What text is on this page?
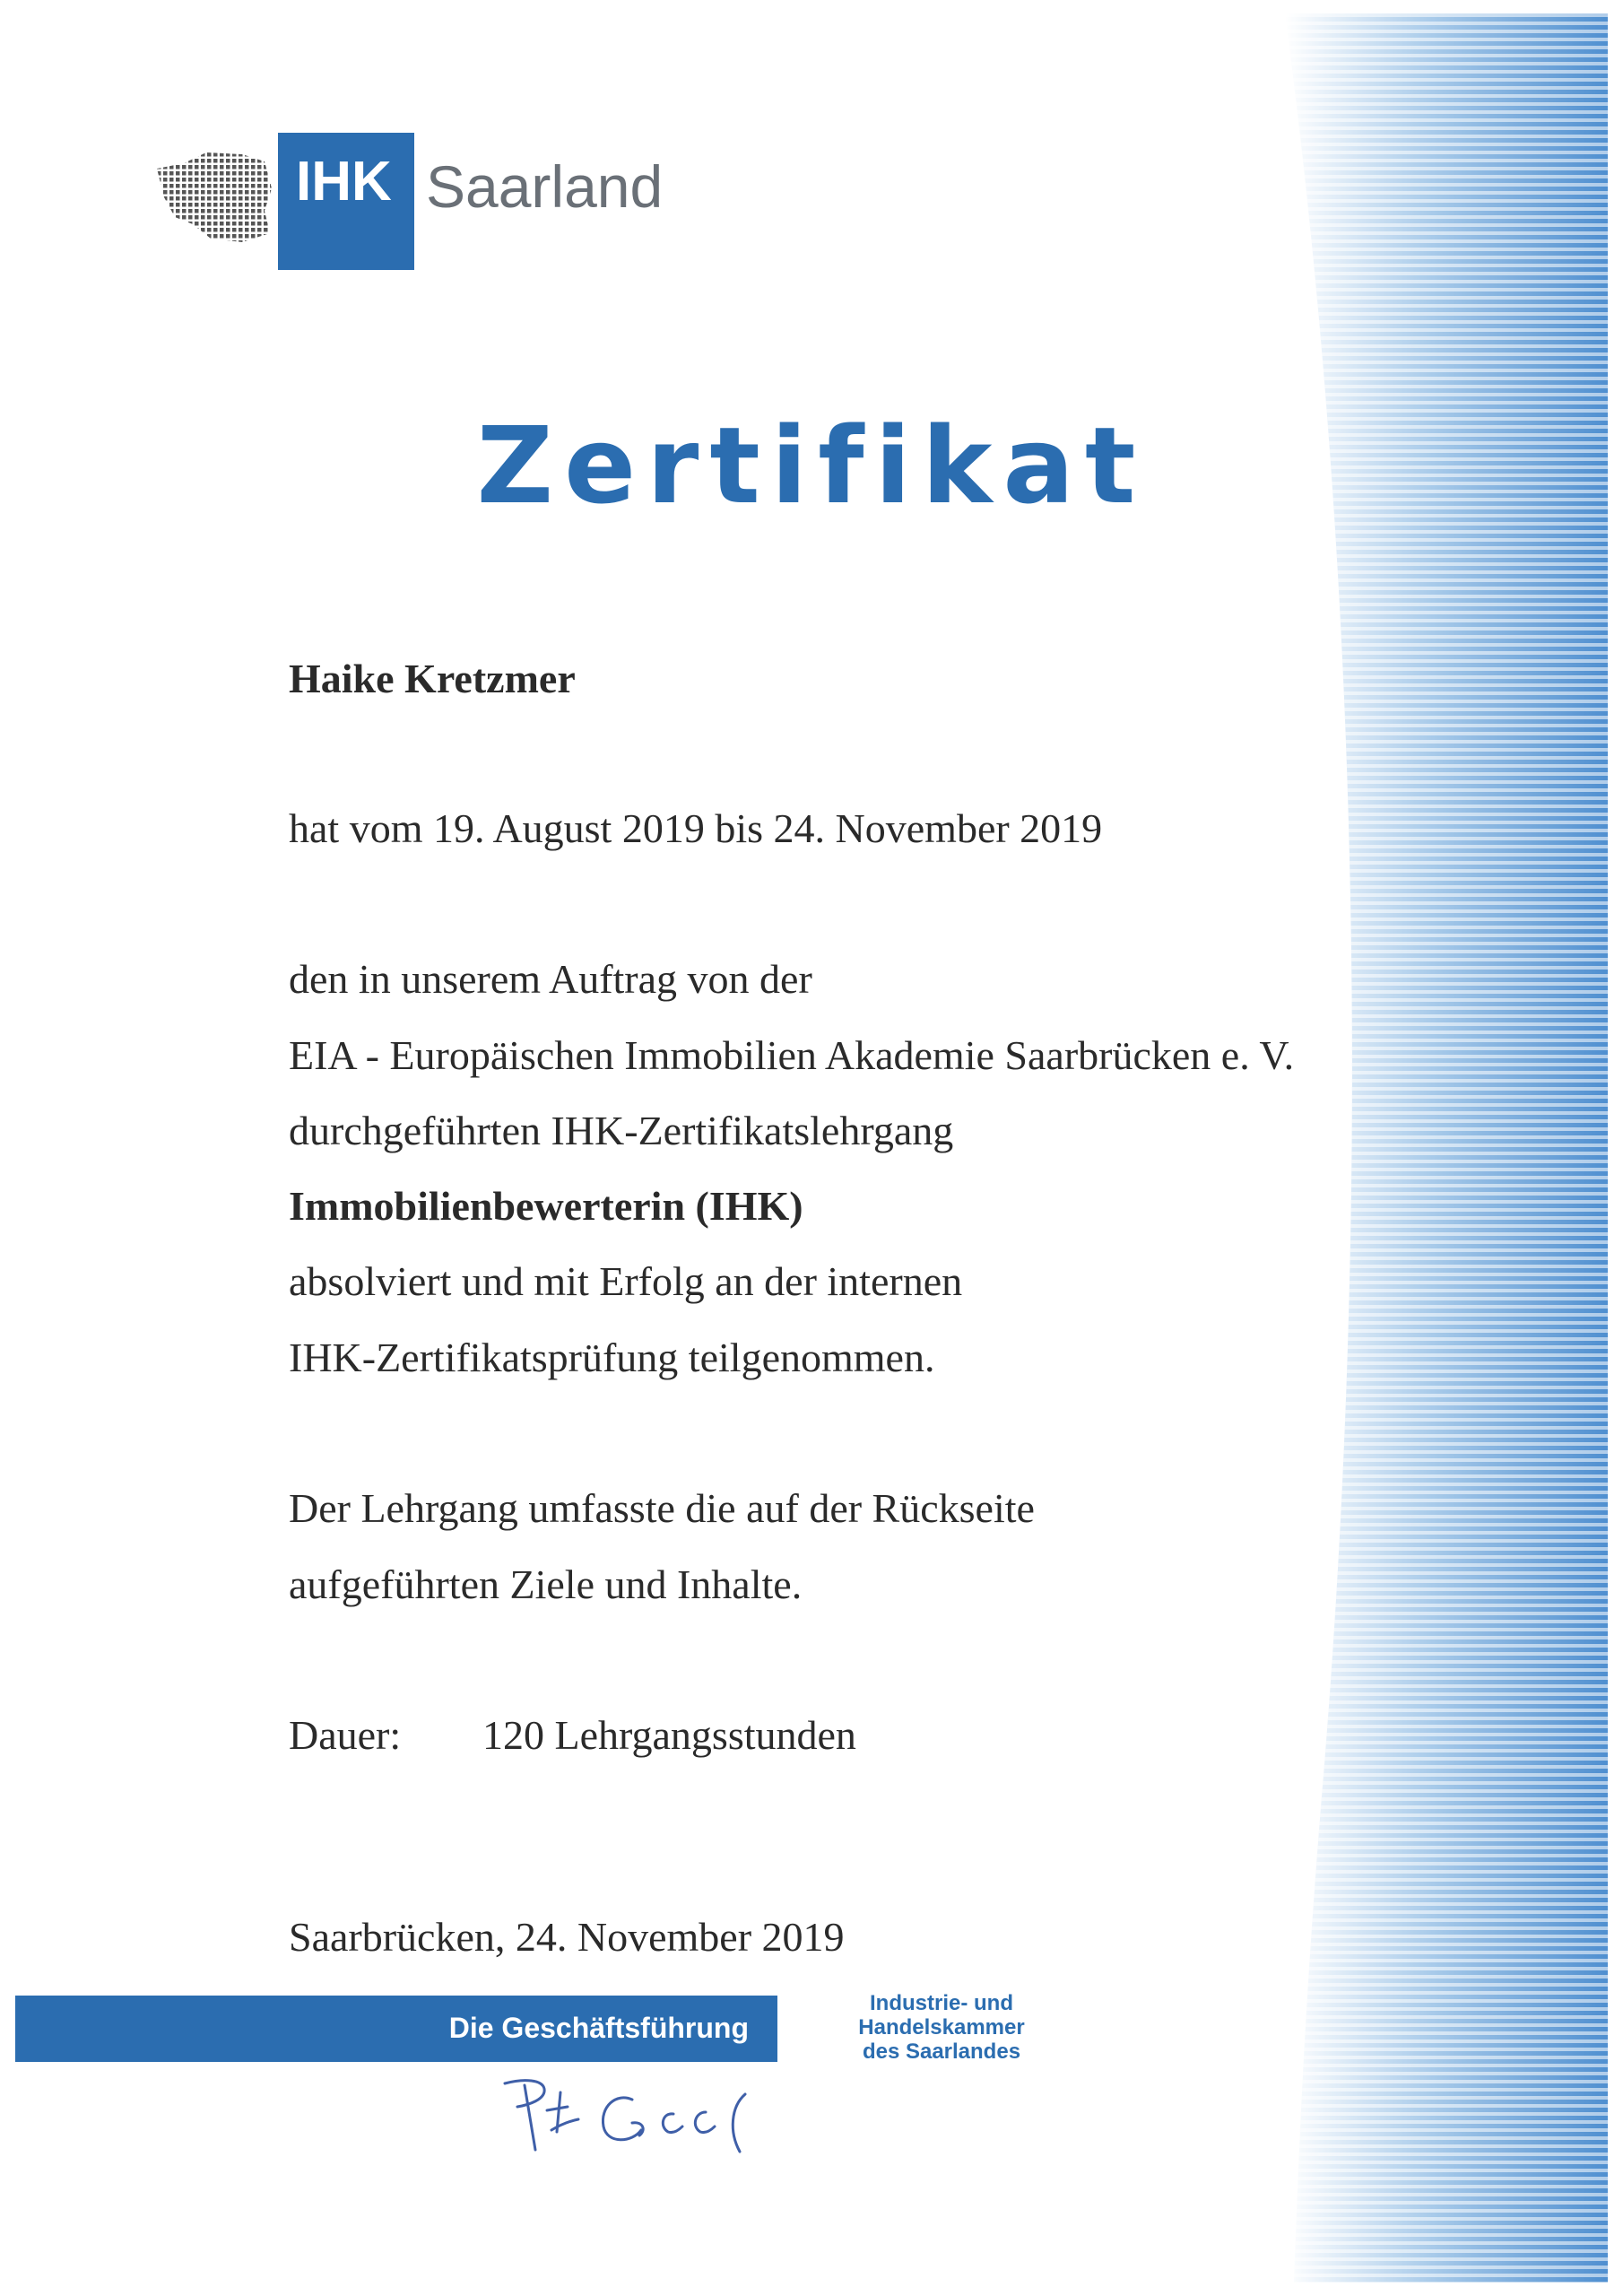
IHK Saarland
Zertifikat
Haike Kretzmer
hat vom 19. August 2019 bis 24. November 2019
den in unserem Auftrag von der
EIA - Europäischen Immobilien Akademie Saarbrücken e. V.
durchgeführten IHK-Zertifikatslehrgang
Immobilienbewerterin (IHK)
absolviert und mit Erfolg an der internen
IHK-Zertifikatsprüfung teilgenommen.
Der Lehrgang umfasste die auf der Rückseite
aufgeführten Ziele und Inhalte.
Dauer: 120 Lehrgangsstunden
Saarbrücken, 24. November 2019
Die Geschäftsführung
Industrie- und
Handelskammer
des Saarlandes
